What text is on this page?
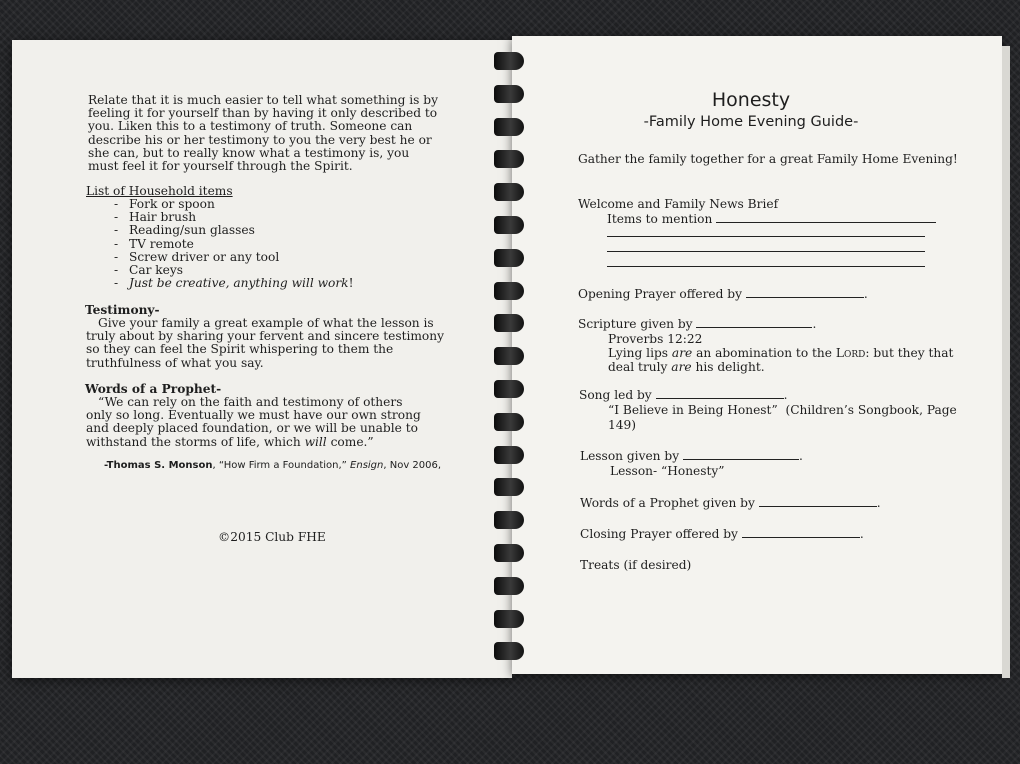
Relate that it is much easier to tell what something is by feeling it for yourself than by having it only described to you. Liken this to a testimony of truth. Someone can describe his or her testimony to you the very best he or she can, but to really know what a testimony is, you must feel it for yourself through the Spirit.
List of Household items
- Fork or spoon
- Hair brush
- Reading/sun glasses
- TV remote
- Screw driver or any tool
- Car keys
- Just be creative, anything will work!
Testimony-
Give your family a great example of what the lesson is truly about by sharing your fervent and sincere testimony so they can feel the Spirit whispering to them the truthfulness of what you say.
Words of a Prophet-
“We can rely on the faith and testimony of others only so long. Eventually we must have our own strong and deeply placed foundation, or we will be unable to withstand the storms of life, which will come.”
-Thomas S. Monson, “How Firm a Foundation,” Ensign, Nov 2006,
©2015 Club FHE
Honesty
-Family Home Evening Guide-
Gather the family together for a great Family Home Evening!
Welcome and Family News Brief
Items to mention
Opening Prayer offered by	.
Scripture given by	.
Proverbs 12:22
Lying lips are an abomination to the Lord: but they that
deal truly are his delight.
Song led by	.
“I Believe in Being Honest” (Children’s Songbook, Page
149)
Lesson given by	.
Lesson- “Honesty”
Words of a Prophet given by	.
Closing Prayer offered by	.
Treats (if desired)
